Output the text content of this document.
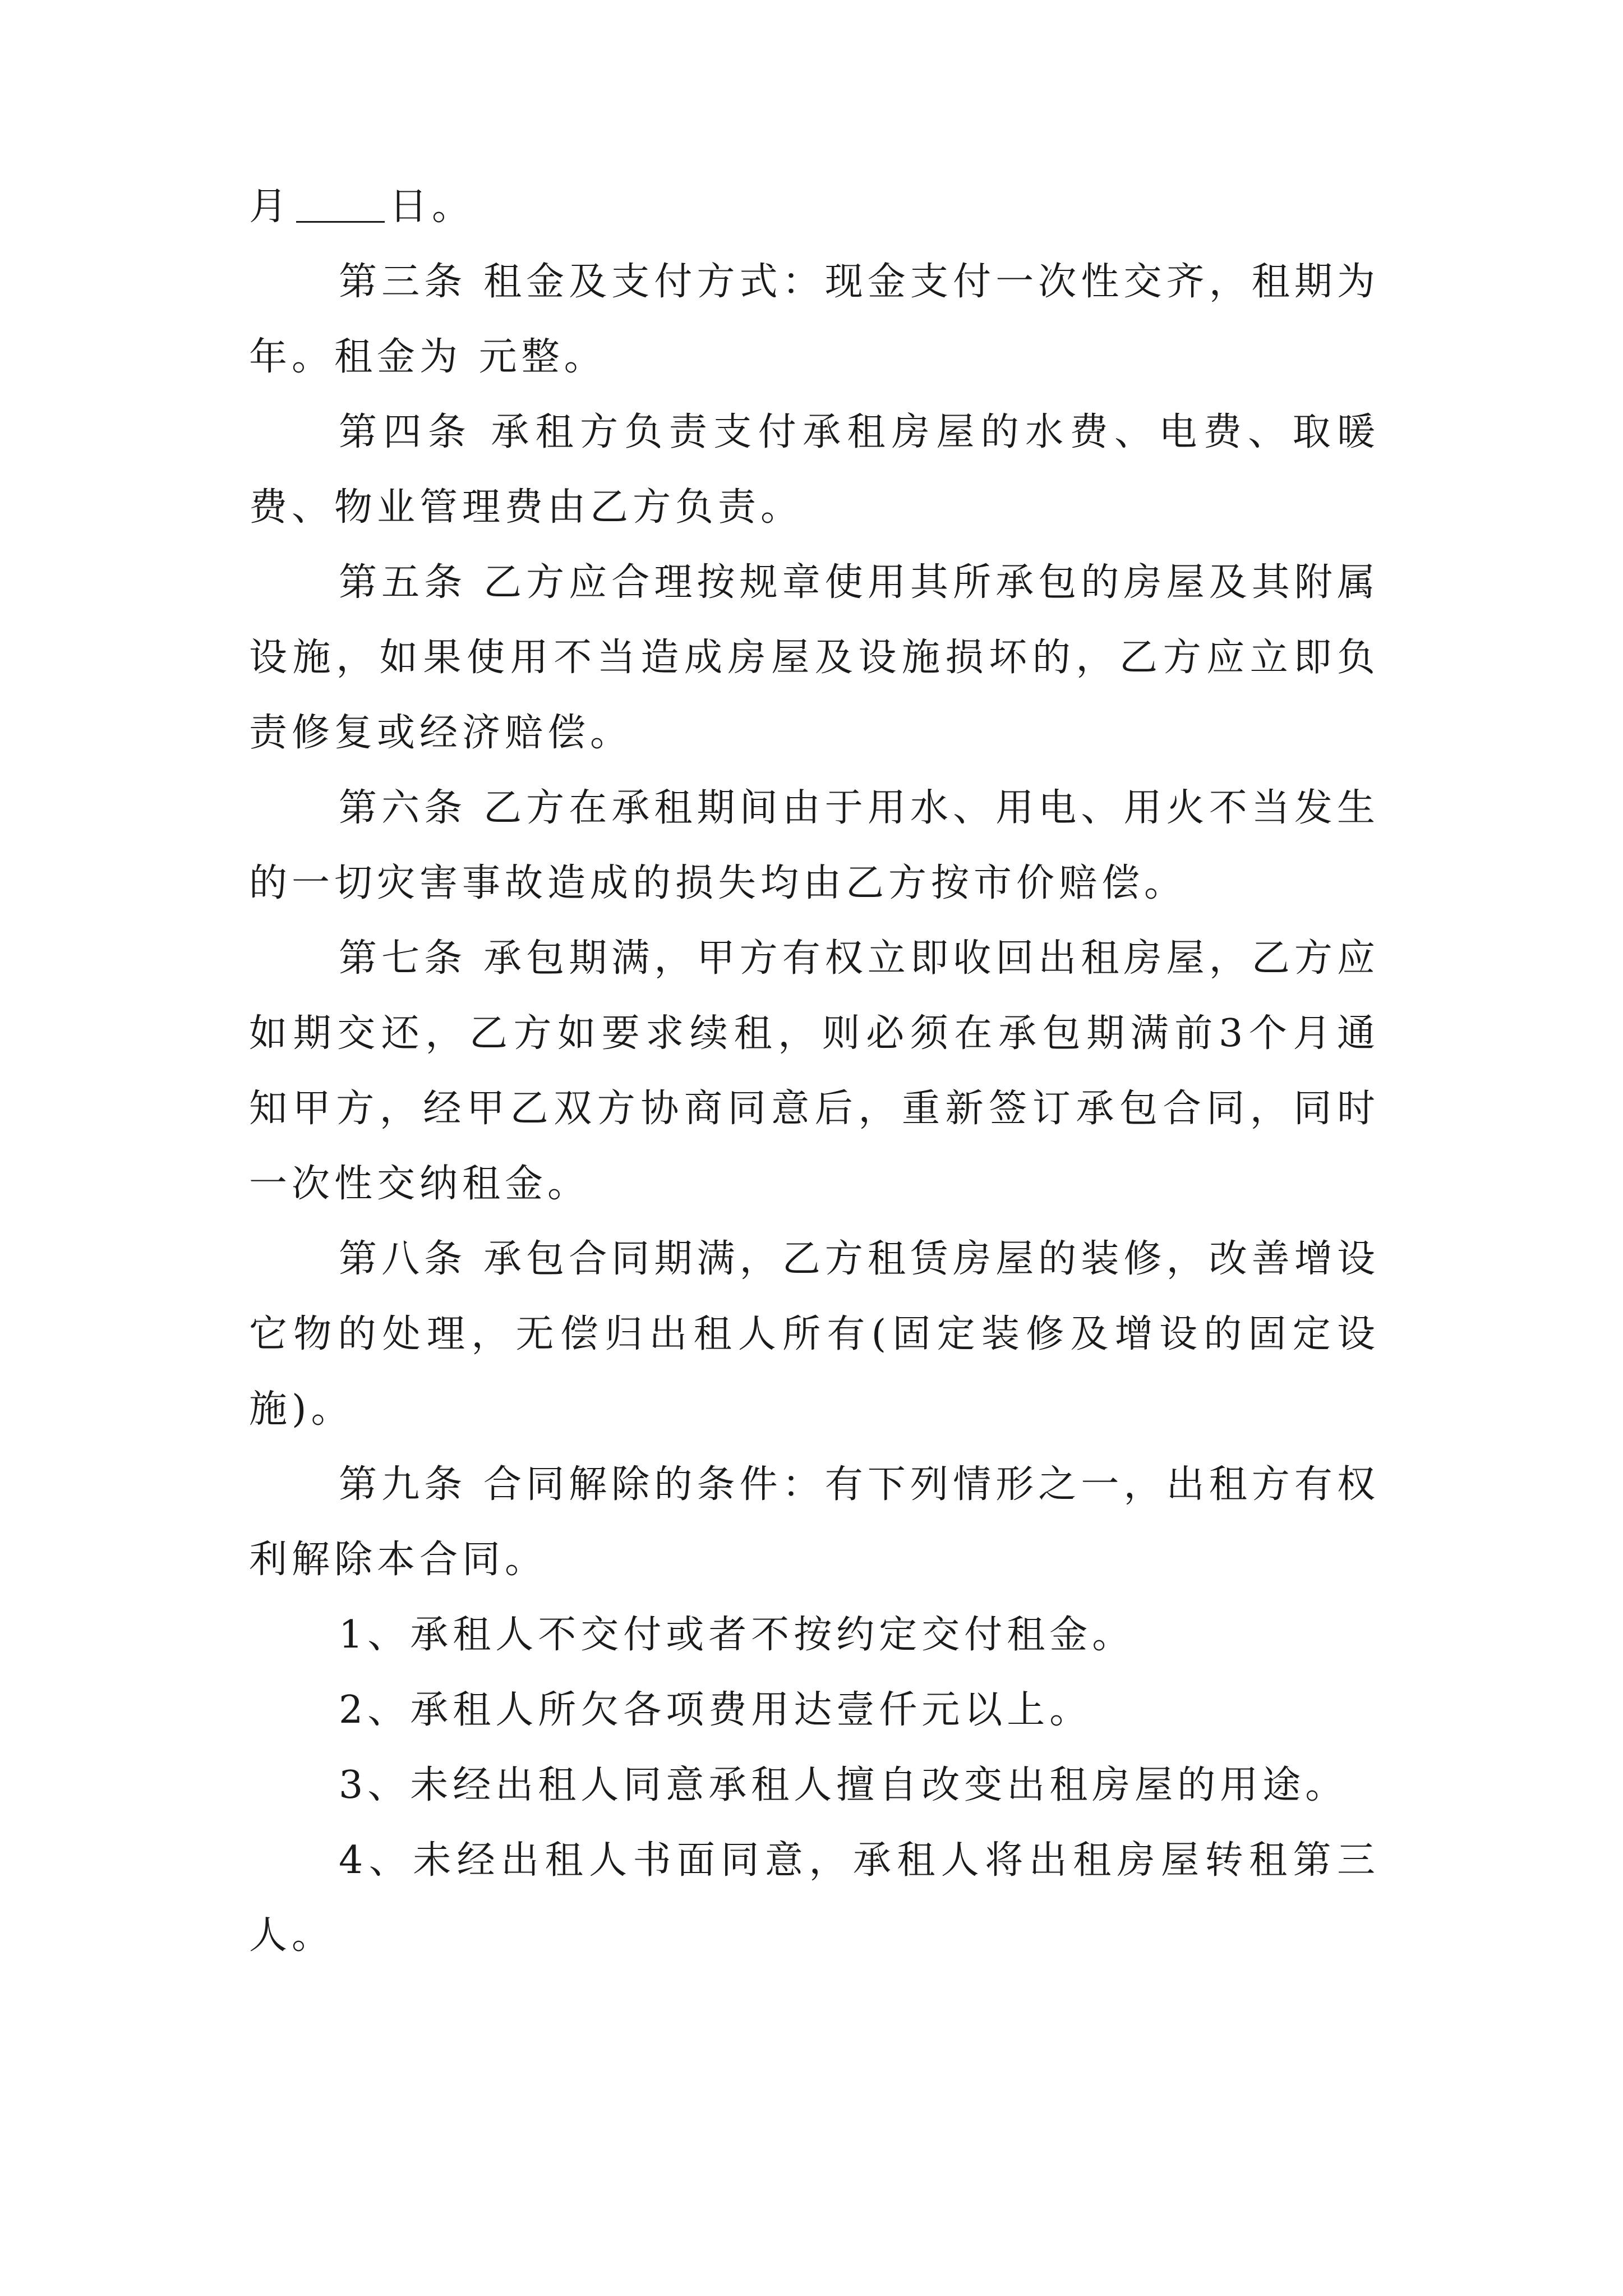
月	日。

第三条 租金及支付方式：现金支付一次性交齐，租期为 年。租金为 元整。

第四条 承租方负责支付承租房屋的水费、电费、取暖费、物业管理费由乙方负责。

第五条 乙方应合理按规章使用其所承包的房屋及其附属设施，如果使用不当造成房屋及设施损坏的，乙方应立即负责修复或经济赔偿。

第六条 乙方在承租期间由于用水、用电、用火不当发生的一切灾害事故造成的损失均由乙方按市价赔偿。

第七条 承包期满，甲方有权立即收回出租房屋，乙方应如期交还，乙方如要求续租，则必须在承包期满前3个月通知甲方，经甲乙双方协商同意后，重新签订承包合同，同时一次性交纳租金。

第八条 承包合同期满，乙方租赁房屋的装修，改善增设它物的处理，无偿归出租人所有(固定装修及增设的固定设施)。

第九条 合同解除的条件：有下列情形之一，出租方有权利解除本合同。

1、承租人不交付或者不按约定交付租金。

2、承租人所欠各项费用达壹仟元以上。

3、未经出租人同意承租人擅自改变出租房屋的用途。

4、未经出租人书面同意，承租人将出租房屋转租第三人。
